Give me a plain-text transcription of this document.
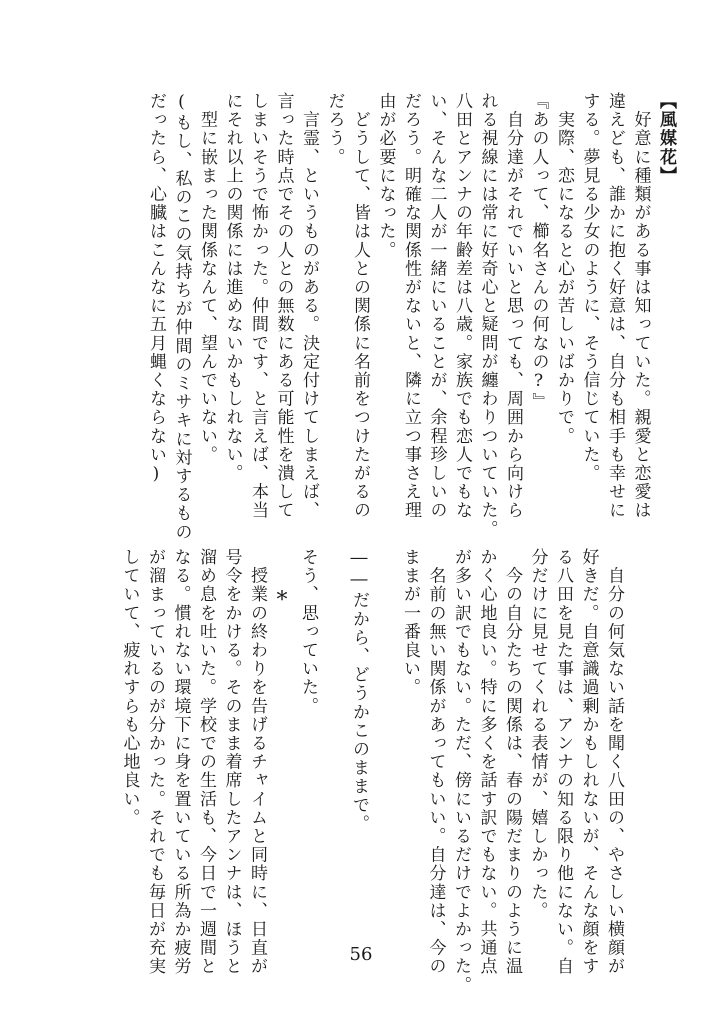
【風媒花】
　好意に種類がある事は知っていた。親愛と恋愛は
違えども、誰かに抱く好意は、自分も相手も幸せに
する。夢見る少女のように、そう信じていた。
　実際、恋になると心が苦しいばかりで。
『あの人って、櫛名さんの何なの?』
　自分達がそれでいいと思っても、周囲から向けら
れる視線には常に好奇心と疑問が纏わりついていた。
八田とアンナの年齢差は八歳。家族でも恋人でもな
い、そんな二人が一緒にいることが、余程珍しいの
だろう。明確な関係性がないと、隣に立つ事さえ理
由が必要になった。
　どうして、皆は人との関係に名前をつけたがるの
だろう。
　言霊、というものがある。決定付けてしまえば、
言った時点でその人との無数にある可能性を潰して
しまいそうで怖かった。仲間です、と言えば、本当
にそれ以上の関係には進めないかもしれない。
　型に嵌まった関係なんて、望んでいない。
(もし、私のこの気持ちが仲間のミサキに対するもの
だったら、心臓はこんなに五月蝿くならない)
　自分の何気ない話を聞く八田の、やさしい横顔が
好きだ。自意識過剰かもしれないが、そんな顔をす
る八田を見た事は、アンナの知る限り他にない。自
分だけに見せてくれる表情が、嬉しかった。
　今の自分たちの関係は、春の陽だまりのように温
かく心地良い。特に多くを話す訳でもない。共通点
が多い訳でもない。ただ、傍にいるだけでよかった。
　名前の無い関係があってもいい。自分達は、今の
ままが一番良い。

――だから、どうかこのままで。

そう、思っていた。
*
　授業の終わりを告げるチャイムと同時に、日直が
号令をかける。そのまま着席したアンナは、ほうと
溜め息を吐いた。学校での生活も、今日で一週間と
なる。慣れない環境下に身を置いている所為か疲労
が溜まっているのが分かった。それでも毎日が充実
していて、疲れすらも心地良い。
56
